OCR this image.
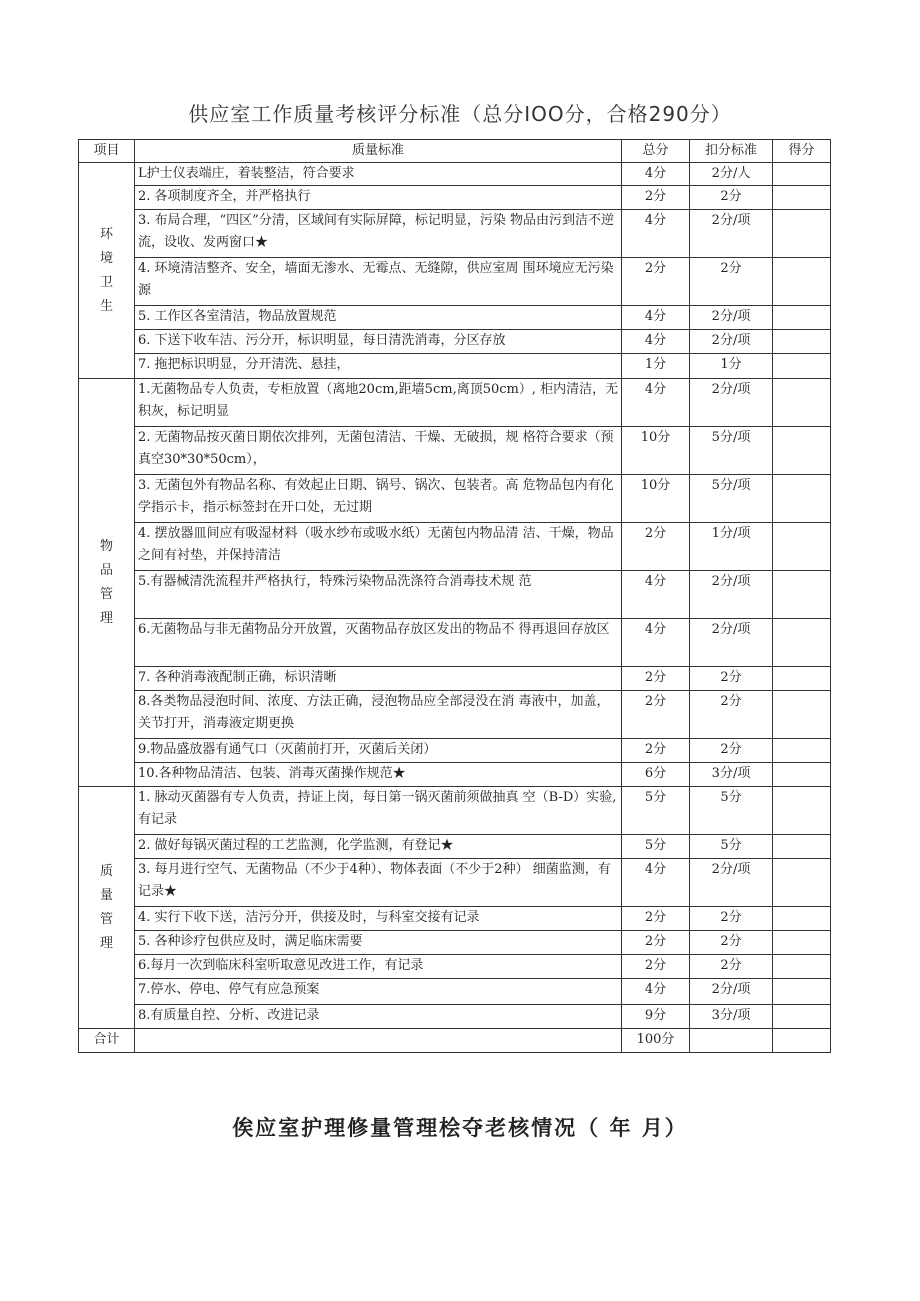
供应室工作质量考核评分标准（总分IOO分，合格290分）
项目	质量标准	总分	扣分标准	得分

环境卫生	L护士仪表端庄，着装整洁，符合要求	4分	2分/人	
	2. 各项制度齐全，并严格执行	2分	2分	
	3. 布局合理，“四区”分清，区域间有实际屏障，标记明显，污染 物品由污到洁不逆流，设收、发两窗口★	4分	2分/项	
	4. 环境清洁整齐、安全，墙面无渗水、无霉点、无缝隙，供应室周 围环境应无污染源	2分	2分	
	5. 工作区各室清洁，物品放置规范	4分	2分/项	
	6. 下送下收车洁、污分开，标识明显，每日清洗消毒，分区存放	4分	2分/项	
	7. 拖把标识明显，分开清洗、悬挂，	1分	1分	

物品管理	1.无菌物品专人负责，专柜放置（离地20cm,距墙5cm,离顶50cm）, 柜内清洁，无积灰，标记明显	4分	2分/项	
	2. 无菌物品按灭菌日期依次排列，无菌包清洁、干燥、无破损，规 格符合要求（预真空30*30*50cm），	10分	5分/项	
	3. 无菌包外有物品名称、有效起止日期、锅号、锅次、包装者。高 危物品包内有化学指示卡，指示标签封在开口处，无过期	10分	5分/项	
	4. 摆放器皿间应有吸湿材料（吸水纱布或吸水纸）无菌包内物品清 洁、干燥，物品之间有衬垫，并保持清洁	2分	1分/项	
	5.有器械清洗流程并严格执行，特殊污染物品洗涤符合消毒技术规 范	4分	2分/项	
	6.无菌物品与非无菌物品分开放置，灭菌物品存放区发出的物品不 得再退回存放区	4分	2分/项	
	7. 各种消毒液配制正确，标识清晰	2分	2分	
	8.各类物品浸泡时间、浓度、方法正确，浸泡物品应全部浸没在消 毒液中，加盖，关节打开，消毒液定期更换	2分	2分	
	9.物品盛放器有通气口（灭菌前打开，灭菌后关闭）	2分	2分	
	10.各种物品清洁、包装、消毒灭菌操作规范★	6分	3分/项	

质量管理	1. 脉动灭菌器有专人负责，持证上岗，每日第一锅灭菌前须做抽真 空（B-D）实验, 有记录	5分	5分	
	2. 做好每锅灭菌过程的工艺监测，化学监测，有登记★	5分	5分	
	3. 每月进行空气、无菌物品（不少于4种）、物体表面（不少于2种） 细菌监测，有记录★	4分	2分/项	
	4. 实行下收下送，洁污分开，供接及时，与科室交接有记录	2分	2分	
	5. 各种诊疗包供应及时，满足临床需要	2分	2分	
	6.每月一次到临床科室听取意见改进工作，有记录	2分	2分	
	7.停水、停电、停气有应急预案	4分	2分/项	
	8.有质量自控、分析、改进记录	9分	3分/项	
合计		100分		
俟应室护理修量管理桧夺老核情况（ 年 月）
